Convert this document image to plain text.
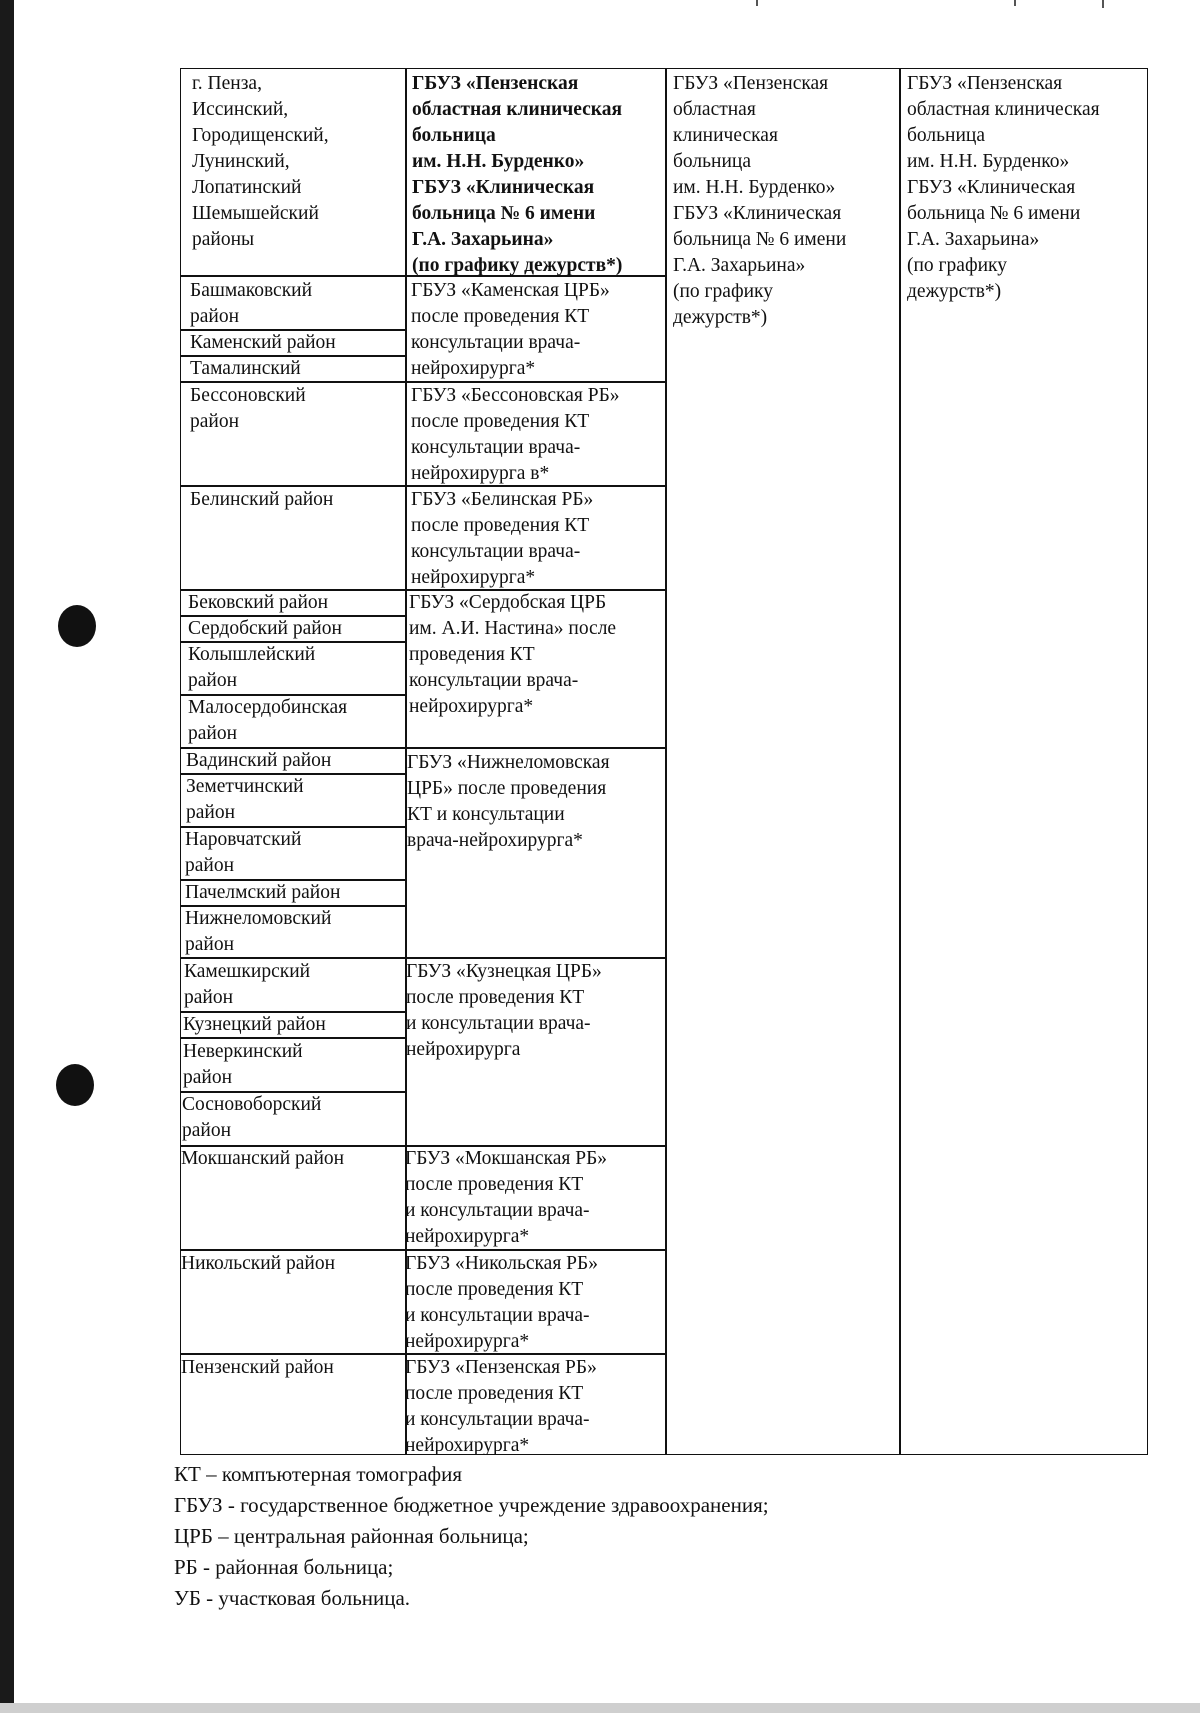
ГБУЗ «Пензенская
областная
клиническая
больница
им. Н.Н. Бурденко»
ГБУЗ «Клиническая
больница № 6 имени
Г.А. Захарьина»
(по графику
дежурств*)
ГБУЗ «Пензенская
областная клиническая
больница
им. Н.Н. Бурденко»
ГБУЗ «Клиническая
больница № 6 имени
Г.А. Захарьина»
(по графику
дежурств*)
г. Пенза,
Иссинский,
Городищенский,
Лунинский,
Лопатинский
Шемышейский
районы
Башмаковский
район
Каменский район
Тамалинский
Бессоновский
район
Белинский район
Бековский район
Сердобский район
Колышлейский
район
Малосердобинская
район
Вадинский район
Земетчинский
район
Наровчатский
район
Пачелмский район
Нижнеломовский
район
Камешкирский
район
Кузнецкий район
Неверкинский
район
Сосновоборский
район
Мокшанский район
Никольский район
Пензенский район
ГБУЗ «Пензенская
областная клиническая
больница
им. Н.Н. Бурденко»
ГБУЗ «Клиническая
больница № 6 имени
Г.А. Захарьина»
(по графику дежурств*)
ГБУЗ «Каменская ЦРБ»
после проведения КТ
консультации врача-
нейрохирурга*
ГБУЗ «Бессоновская РБ»
после проведения КТ
консультации врача-
нейрохирурга в*
ГБУЗ «Белинская РБ»
после проведения КТ
консультации врача-
нейрохирурга*
ГБУЗ «Сердобская ЦРБ
им. А.И. Настина» после
проведения КТ
консультации врача-
нейрохирурга*
ГБУЗ «Нижнеломовская
ЦРБ» после проведения
КТ и консультации
врача-нейрохирурга*
ГБУЗ «Кузнецкая ЦРБ»
после проведения КТ
и консультации врача-
нейрохирурга
ГБУЗ «Мокшанская РБ»
после проведения КТ
и консультации врача-
нейрохирурга*
ГБУЗ «Никольская РБ»
после проведения КТ
и консультации врача-
нейрохирурга*
ГБУЗ «Пензенская РБ»
после проведения КТ
и консультации врача-
нейрохирурга*
КТ – компъютерная томография
ГБУЗ - государственное бюджетное учреждение здравоохранения;
ЦРБ – центральная районная больница;
РБ - районная больница;
УБ - участковая больница.
